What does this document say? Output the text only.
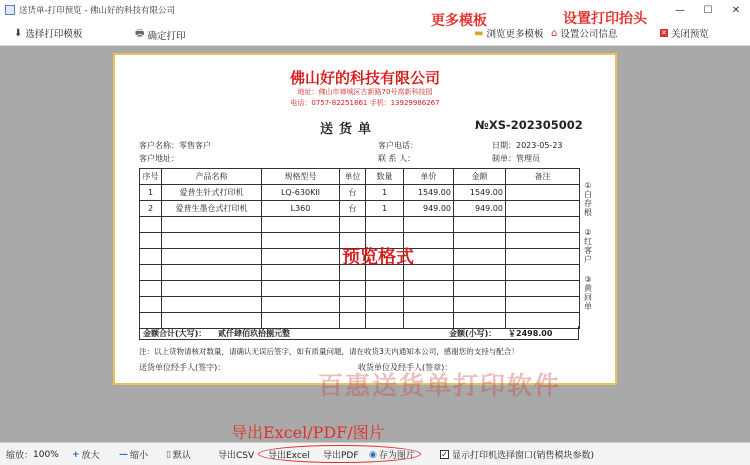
送货单-打印预览 - 佛山好的科技有限公司	—	☐	✕
⬇ 选择打印模板	🖶 确定打印	▬ 浏览更多模板 ⌂ 设置公司信息	✕ 关闭预览
更多模板	设置打印抬头
佛山好的科技有限公司
地址：佛山市禅城区古新路70号高新科技园
电话：0757-82251861 手机：13929986267
送货单	№XS-202305002
客户名称：零售客户
客户地址：
客户电话：
联 系 人：
日期：2023-05-23
制单：管理员
序号	产品名称	规格型号	单位	数量	单价	金额	备注
1	爱普生针式打印机	LQ-630KII	台	1	1549.00	1549.00	
2	爱普生墨仓式打印机	L360	台	1	949.00	949.00	

金额合计(大写)： 贰仟肆佰玖拾捌元整	金额(小写)： ￥2498.00
注：以上货物请核对数量，请确认无误后签字，如有质量问题，请在收货3天内通知本公司，感谢您的支持与配合！
送货单位经手人(签字)：	收货单位及经手人(签章)：
①白存根
②红客户
③黄回单
预览格式
百惠送货单打印软件
导出Excel/PDF/图片
缩放： 100% + 放大 — 缩小 ▯ 默认	导出CSV 导出Excel 导出PDF ◉ 存为图片	✓ 显示打印机选择窗口(销售模块参数)
